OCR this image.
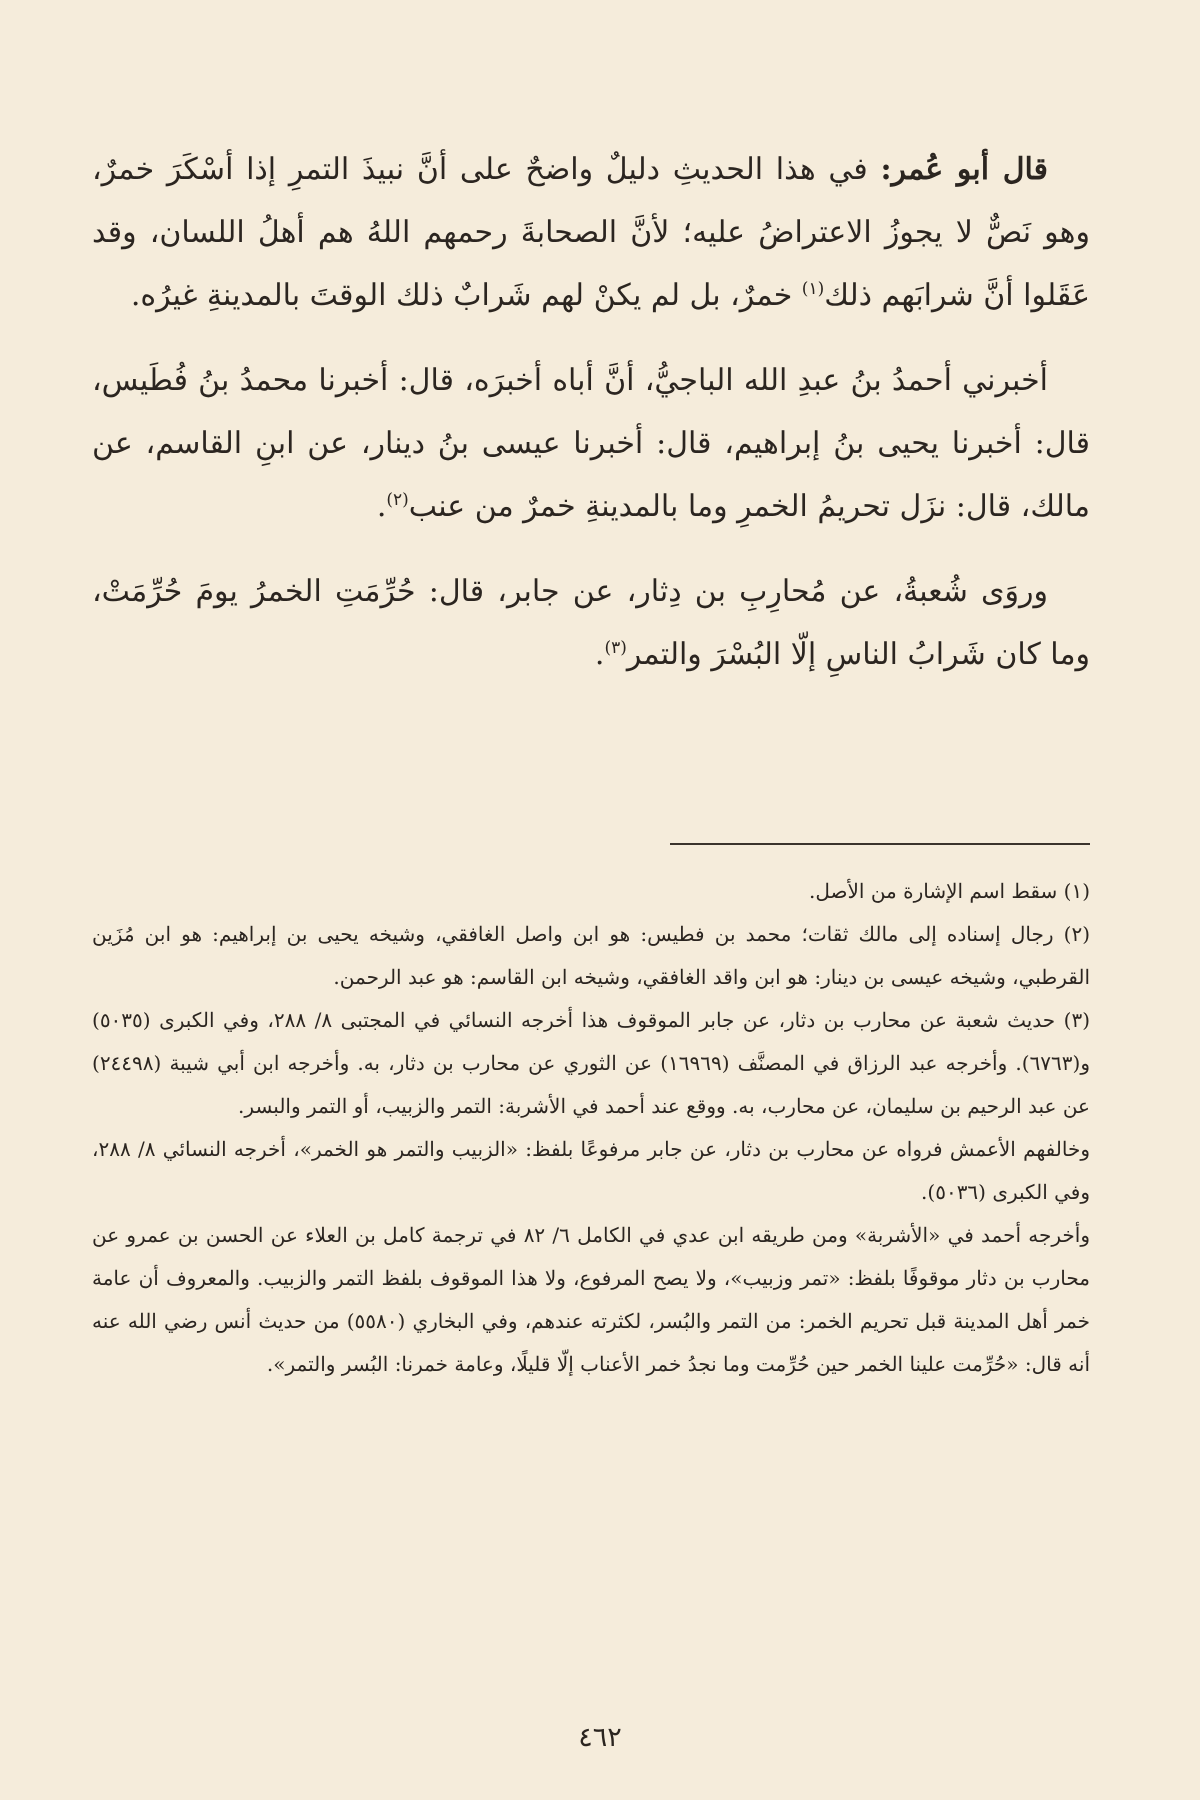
قال أبو عُمر: في هذا الحديثِ دليلٌ واضحٌ على أنَّ نبيذَ التمرِ إذا أسْكَرَ خمرٌ، وهو نَصٌّ لا يجوزُ الاعتراضُ عليه؛ لأنَّ الصحابةَ رحمهم اللهُ هم أهلُ اللسان، وقد عَقَلوا أنَّ شرابَهم ذلك$^{(١)}$ خمرٌ، بل لم يكنْ لهم شَرابٌ ذلك الوقتَ بالمدينةِ غيرُه.

أخبرني أحمدُ بنُ عبدِ الله الباجيُّ، أنَّ أباه أخبرَه، قال: أخبرنا محمدُ بنُ فُطَيس، قال: أخبرنا يحيى بنُ إبراهيم، قال: أخبرنا عيسى بنُ دينار، عن ابنِ القاسم، عن مالك، قال: نزَل تحريمُ الخمرِ وما بالمدينةِ خمرٌ من عنب$^{(٢)}$.

وروَى شُعبةُ، عن مُحارِبِ بن دِثار، عن جابر، قال: حُرِّمَتِ الخمرُ يومَ حُرِّمَتْ، وما كان شَرابُ الناسِ إلّا البُسْرَ والتمر$^{(٣)}$.

(١) سقط اسم الإشارة من الأصل.

(٢) رجال إسناده إلى مالك ثقات؛ محمد بن فطيس: هو ابن واصل الغافقي، وشيخه يحيى بن إبراهيم: هو ابن مُزَين القرطبي، وشيخه عيسى بن دينار: هو ابن واقد الغافقي، وشيخه ابن القاسم: هو عبد الرحمن.

(٣) حديث شعبة عن محارب بن دثار، عن جابر الموقوف هذا أخرجه النسائي في المجتبى ٨/ ٢٨٨، وفي الكبرى (٥٠٣٥) و(٦٧٦٣). وأخرجه عبد الرزاق في المصنَّف (١٦٩٦٩) عن الثوري عن محارب بن دثار، به. وأخرجه ابن أبي شيبة (٢٤٤٩٨) عن عبد الرحيم بن سليمان، عن محارب، به. ووقع عند أحمد في الأشربة: التمر والزبيب، أو التمر والبسر.

وخالفهم الأعمش فرواه عن محارب بن دثار، عن جابر مرفوعًا بلفظ: «الزبيب والتمر هو الخمر»، أخرجه النسائي ٨/ ٢٨٨، وفي الكبرى (٥٠٣٦).

وأخرجه أحمد في «الأشربة» ومن طريقه ابن عدي في الكامل ٦/ ٨٢ في ترجمة كامل بن العلاء عن الحسن بن عمرو عن محارب بن دثار موقوفًا بلفظ: «تمر وزبيب»، ولا يصح المرفوع، ولا هذا الموقوف بلفظ التمر والزبيب. والمعروف أن عامة خمر أهل المدينة قبل تحريم الخمر: من التمر والبُسر، لكثرته عندهم، وفي البخاري (٥٥٨٠) من حديث أنس رضي الله عنه أنه قال: «حُرِّمت علينا الخمر حين حُرِّمت وما نجدُ خمر الأعناب إلّا قليلًا، وعامة خمرنا: البُسر والتمر».

٤٦٢
